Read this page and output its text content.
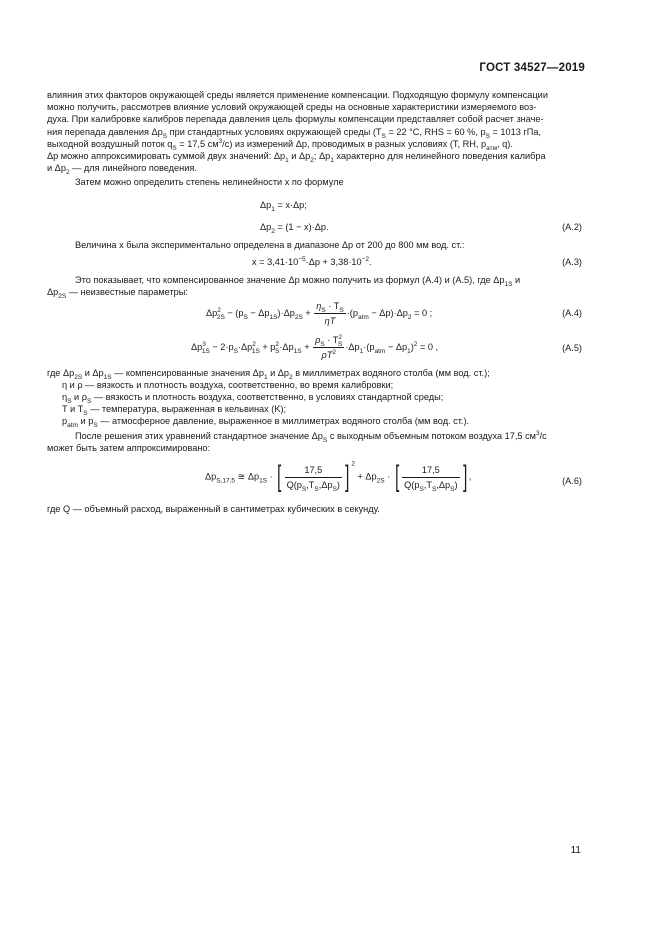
ГОСТ 34527—2019

влияния этих факторов окружающей среды является применение компенсации. Подходящую формулу компенсации

можно получить, рассмотрев влияние условий окружающей среды на основные характеристики измеряемого воз-

духа. При калибровке калибров перепада давления цель формулы компенсации представляет собой расчет значе-

ния перепада давления $\Delta p_S$ при стандартных условиях окружающей среды ($T_S = 22$ °C, RHS = 60 %, $p_S = 1013$ гПа,

выходной воздушный поток $q_S = 17,5$ $см^3/с$) из измерений Δp, проводимых в разных условиях (T, RH, $p_{атм}$, q).

Δp можно аппроксимировать суммой двух значений: $\Delta p_1$ и $\Delta p_2$; $\Delta p_1$ характерно для нелинейного поведения калибра

и $\Delta p_2$ — для линейного поведения.

Затем можно определить степень нелинейности x по формуле

$\Delta p_1 = x\cdot\Delta p$;
$\Delta p_2 = (1 - x)\cdot\Delta p$.	(A.2)
Величина x была экспериментально определена в диапазоне Δp от 200 до 800 мм вод. ст.:
$x = 3,41\cdot 10^{-5}\cdot\Delta p + 3,38\cdot 10^{-2}$.	(A.3)

Это показывает, что компенсированное значение Δp можно получить из формул (A.4) и (A.5), где $\Delta p_{1S}$ и

$\Delta p_{2S}$ — неизвестные параметры:

$\Delta p^2_{2S} - (p_S - \Delta p_{1S})\cdot\Delta p_{2S} + \frac{\eta_S \cdot T_S}{\eta T} \cdot(p_{atm} - \Delta p)\cdot\Delta p_2 = 0$ ;	(A.4)
$\Delta p^3_{1S} - 2\cdot p_S\cdot\Delta p^2_{1S} + p^2_S\cdot\Delta p_{1S} + \frac{\rho_S \cdot T^2_S}{\rho T^2} \cdot\Delta p_1\cdot(p_{atm} - \Delta p_1)^2 = 0$ ,	(A.5)
где $\Delta p_{2S}$ и $\Delta p_{1S}$ — компенсированные значения $\Delta p_1$ и $\Delta p_2$ в миллиметрах водяного столба (мм вод. ст.);
η и ρ — вязкость и плотность воздуха, соответственно, во время калибровки;
$\eta_S$ и $\rho_S$ — вязкость и плотность воздуха, соответственно, в условиях стандартной среды;
T и $T_S$ — температура, выраженная в кельвинах (K);
$p_{atm}$ и $p_S$ — атмосферное давление, выраженное в миллиметрах водяного столба (мм вод. ст.).

После решения этих уравнений стандартное значение $\Delta p_S$ с выходным объемным потоком воздуха 17,5 $см^3/с$

может быть затем аппроксимировано:

$\Delta p_{S,17,5}$ ≅ $\Delta p_{1S}$ · [ $\frac{17,5}{Q(p_S,T_S,\Delta p_S)}$ ] $^2 + \Delta p_{2S}$ · [ $\frac{17,5}{Q(p_S,T_S,\Delta p_S)}$ ] ,	(A.6)
где Q — объемный расход, выраженный в сантиметрах кубических в секунду.
11
